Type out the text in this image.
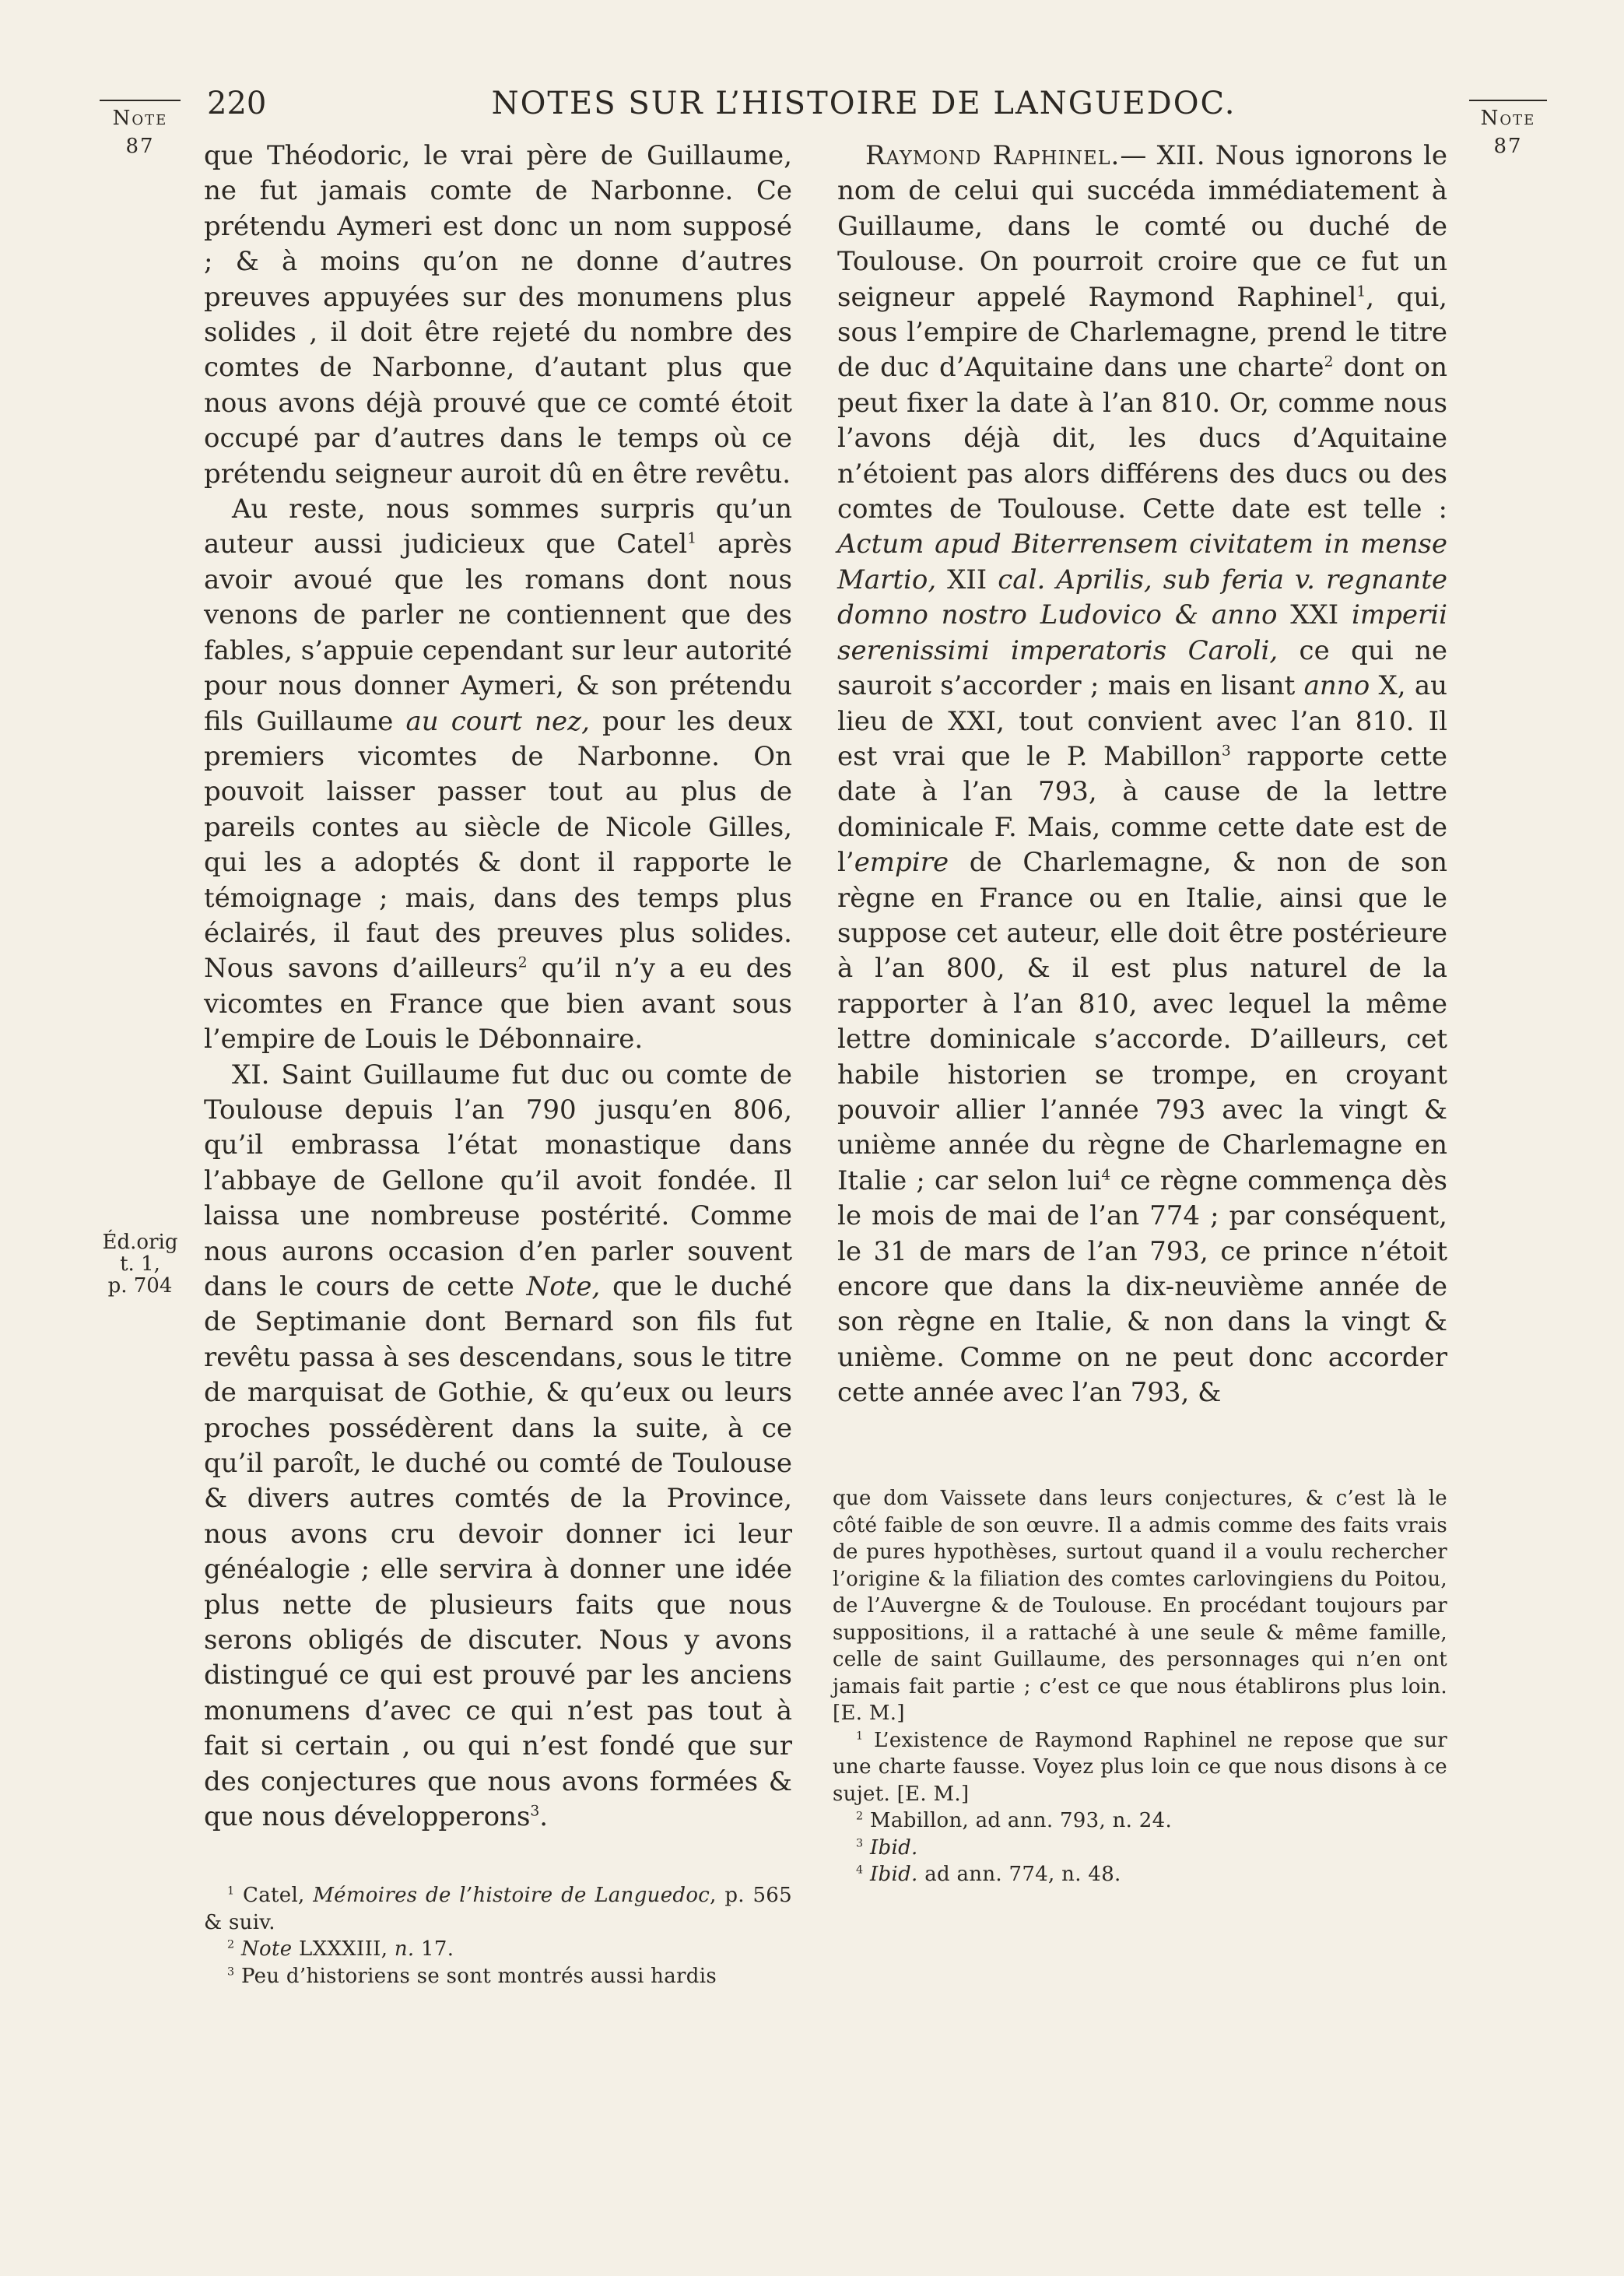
220	NOTES SUR L’HISTOIRE DE LANGUEDOC.
Note
87
Note
87
Éd.orig
t. 1,
p. 704

que Théodoric, le vrai père de Guillaume, ne fut jamais comte de Narbonne. Ce prétendu Aymeri est donc un nom supposé ; & à moins qu’on ne donne d’autres preuves appuyées sur des monumens plus solides , il doit être rejeté du nombre des comtes de Narbonne, d’autant plus que nous avons déjà prouvé que ce comté étoit occupé par d’autres dans le temps où ce prétendu seigneur auroit dû en être revêtu.

Au reste, nous sommes surpris qu’un auteur aussi judicieux que Catel$^1$ après avoir avoué que les romans dont nous venons de parler ne contiennent que des fables, s’appuie cependant sur leur autorité pour nous donner Aymeri, & son prétendu fils Guillaume au court nez, pour les deux premiers vicomtes de Narbonne. On pouvoit laisser passer tout au plus de pareils contes au siècle de Nicole Gilles, qui les a adoptés & dont il rapporte le témoignage ; mais, dans des temps plus éclairés, il faut des preuves plus solides. Nous savons d’ailleurs$^2$ qu’il n’y a eu des vicomtes en France que bien avant sous l’empire de Louis le Débonnaire.

XI. Saint Guillaume fut duc ou comte de Toulouse depuis l’an 790 jusqu’en 806, qu’il embrassa l’état monastique dans l’abbaye de Gellone qu’il avoit fondée. Il laissa une nombreuse postérité. Comme nous aurons occasion d’en parler souvent dans le cours de cette Note, que le duché de Septimanie dont Bernard son fils fut revêtu passa à ses descendans, sous le titre de marquisat de Gothie, & qu’eux ou leurs proches possédèrent dans la suite, à ce qu’il paroît, le duché ou comté de Toulouse & divers autres comtés de la Province, nous avons cru devoir donner ici leur généalogie ; elle servira à donner une idée plus nette de plusieurs faits que nous serons obligés de discuter. Nous y avons distingué ce qui est prouvé par les anciens monumens d’avec ce qui n’est pas tout à fait si certain , ou qui n’est fondé que sur des conjectures que nous avons formées & que nous développerons$^3$.

$^1$ Catel, Mémoires de l’histoire de Languedoc, p. 565 & suiv.

$^2$ Note LXXXIII, n. 17.

$^3$ Peu d’historiens se sont montrés aussi hardis

Raymond Raphinel.— XII. Nous ignorons le nom de celui qui succéda immédiatement à Guillaume, dans le comté ou duché de Toulouse. On pourroit croire que ce fut un seigneur appelé Raymond Raphinel$^1$, qui, sous l’empire de Charlemagne, prend le titre de duc d’Aquitaine dans une charte$^2$ dont on peut fixer la date à l’an 810. Or, comme nous l’avons déjà dit, les ducs d’Aquitaine n’étoient pas alors différens des ducs ou des comtes de Toulouse. Cette date est telle : Actum apud Biterrensem civitatem in mense Martio, XII cal. Aprilis, sub feria v. regnante domno nostro Ludovico & anno XXI imperii serenissimi imperatoris Caroli, ce qui ne sauroit s’accorder ; mais en lisant anno X, au lieu de XXI, tout convient avec l’an 810. Il est vrai que le P. Mabillon$^3$ rapporte cette date à l’an 793, à cause de la lettre dominicale F. Mais, comme cette date est de l’empire de Charlemagne, & non de son règne en France ou en Italie, ainsi que le suppose cet auteur, elle doit être postérieure à l’an 800, & il est plus naturel de la rapporter à l’an 810, avec lequel la même lettre dominicale s’accorde. D’ailleurs, cet habile historien se trompe, en croyant pouvoir allier l’année 793 avec la vingt & unième année du règne de Charlemagne en Italie ; car selon lui$^4$ ce règne commença dès le mois de mai de l’an 774 ; par conséquent, le 31 de mars de l’an 793, ce prince n’étoit encore que dans la dix-neuvième année de son règne en Italie, & non dans la vingt & unième. Comme on ne peut donc accorder cette année avec l’an 793, &

que dom Vaissete dans leurs conjectures, & c’est là le côté faible de son œuvre. Il a admis comme des faits vrais de pures hypothèses, surtout quand il a voulu rechercher l’origine & la filiation des comtes carlovingiens du Poitou, de l’Auvergne & de Toulouse. En procédant toujours par suppositions, il a rattaché à une seule & même famille, celle de saint Guillaume, des personnages qui n’en ont jamais fait partie ; c’est ce que nous établirons plus loin. [E. M.]

$^1$ L’existence de Raymond Raphinel ne repose que sur une charte fausse. Voyez plus loin ce que nous disons à ce sujet. [E. M.]

$^2$ Mabillon, ad ann. 793, n. 24.

$^3$ Ibid.

$^4$ Ibid. ad ann. 774, n. 48.
